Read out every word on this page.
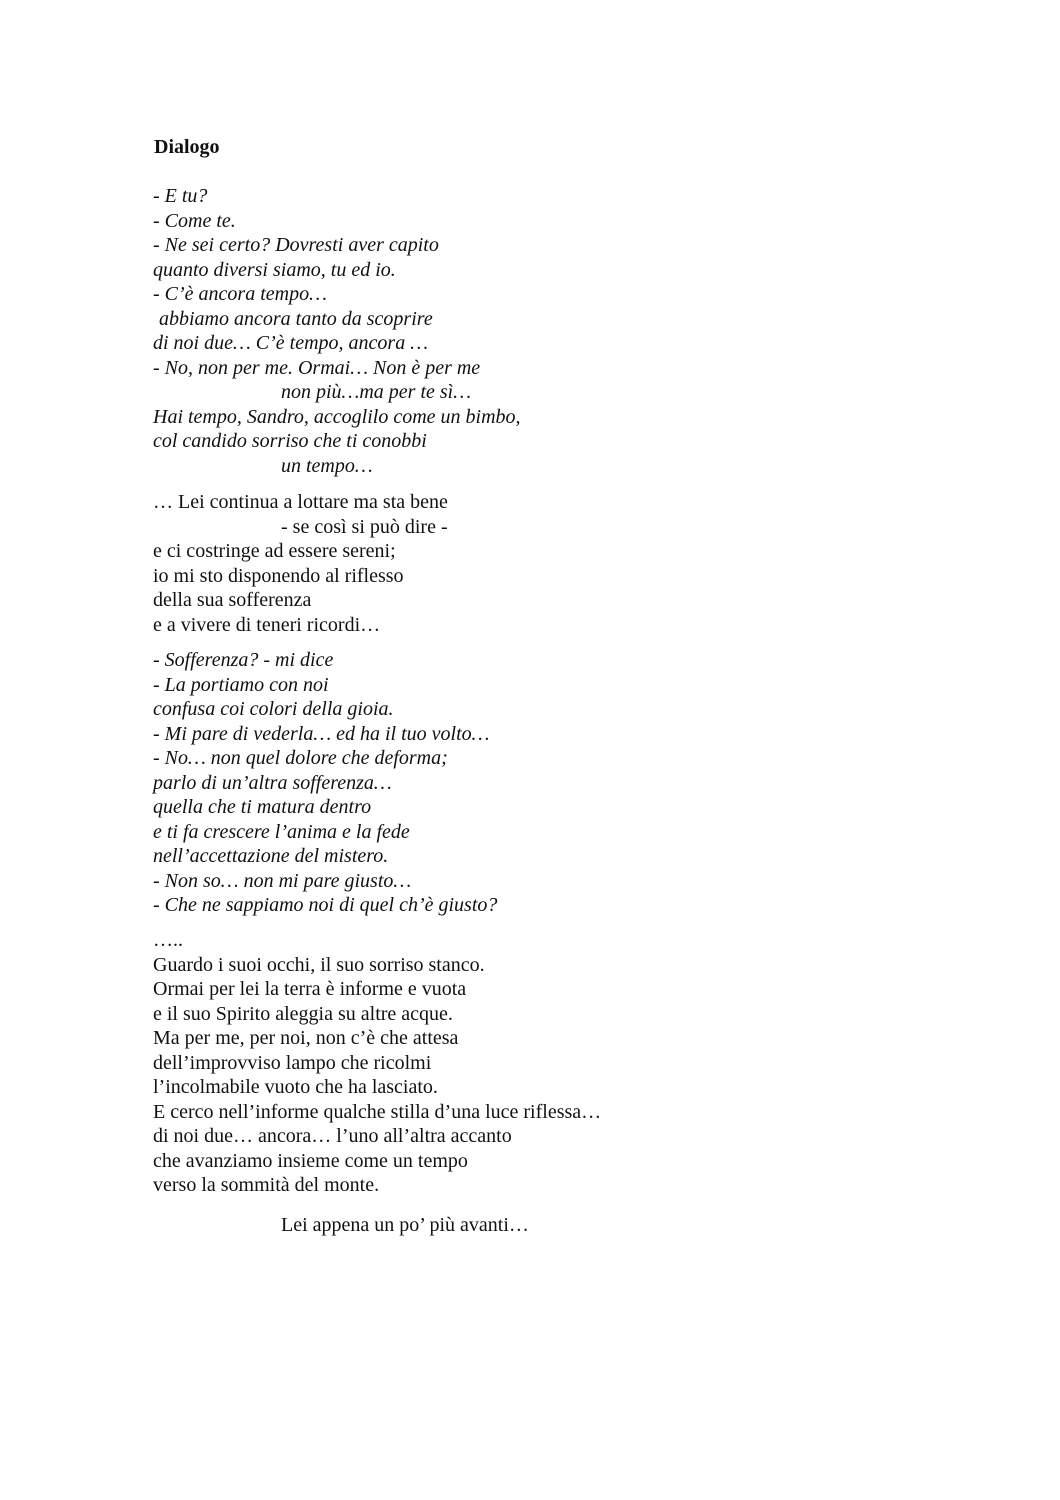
Dialogo
- E tu?
- Come te.
- Ne sei certo? Dovresti aver capito
quanto diversi siamo, tu ed io.
- C’è ancora tempo…
abbiamo ancora tanto da scoprire
di noi due… C’è tempo, ancora …
- No, non per me. Ormai… Non è per me
non più…ma per te sì…
Hai tempo, Sandro, accoglilo come un bimbo,
col candido sorriso che ti conobbi
un tempo…
… Lei continua a lottare ma sta bene
- se così si può dire -
e ci costringe ad essere sereni;
io mi sto disponendo al riflesso
della sua sofferenza
e a vivere di teneri ricordi…
- Sofferenza? - mi dice
- La portiamo con noi
confusa coi colori della gioia.
- Mi pare di vederla… ed ha il tuo volto…
- No… non quel dolore che deforma;
parlo di un’altra sofferenza…
quella che ti matura dentro
e ti fa crescere l’anima e la fede
nell’accettazione del mistero.
- Non so… non mi pare giusto…
- Che ne sappiamo noi di quel ch’è giusto?
…..
Guardo i suoi occhi, il suo sorriso stanco.
Ormai per lei la terra è informe e vuota
e il suo Spirito aleggia su altre acque.
Ma per me, per noi, non c’è che attesa
dell’improvviso lampo che ricolmi
l’incolmabile vuoto che ha lasciato.
E cerco nell’informe qualche stilla d’una luce riflessa…
di noi due… ancora… l’uno all’altra accanto
che avanziamo insieme come un tempo
verso la sommità del monte.
Lei appena un po’ più avanti…
